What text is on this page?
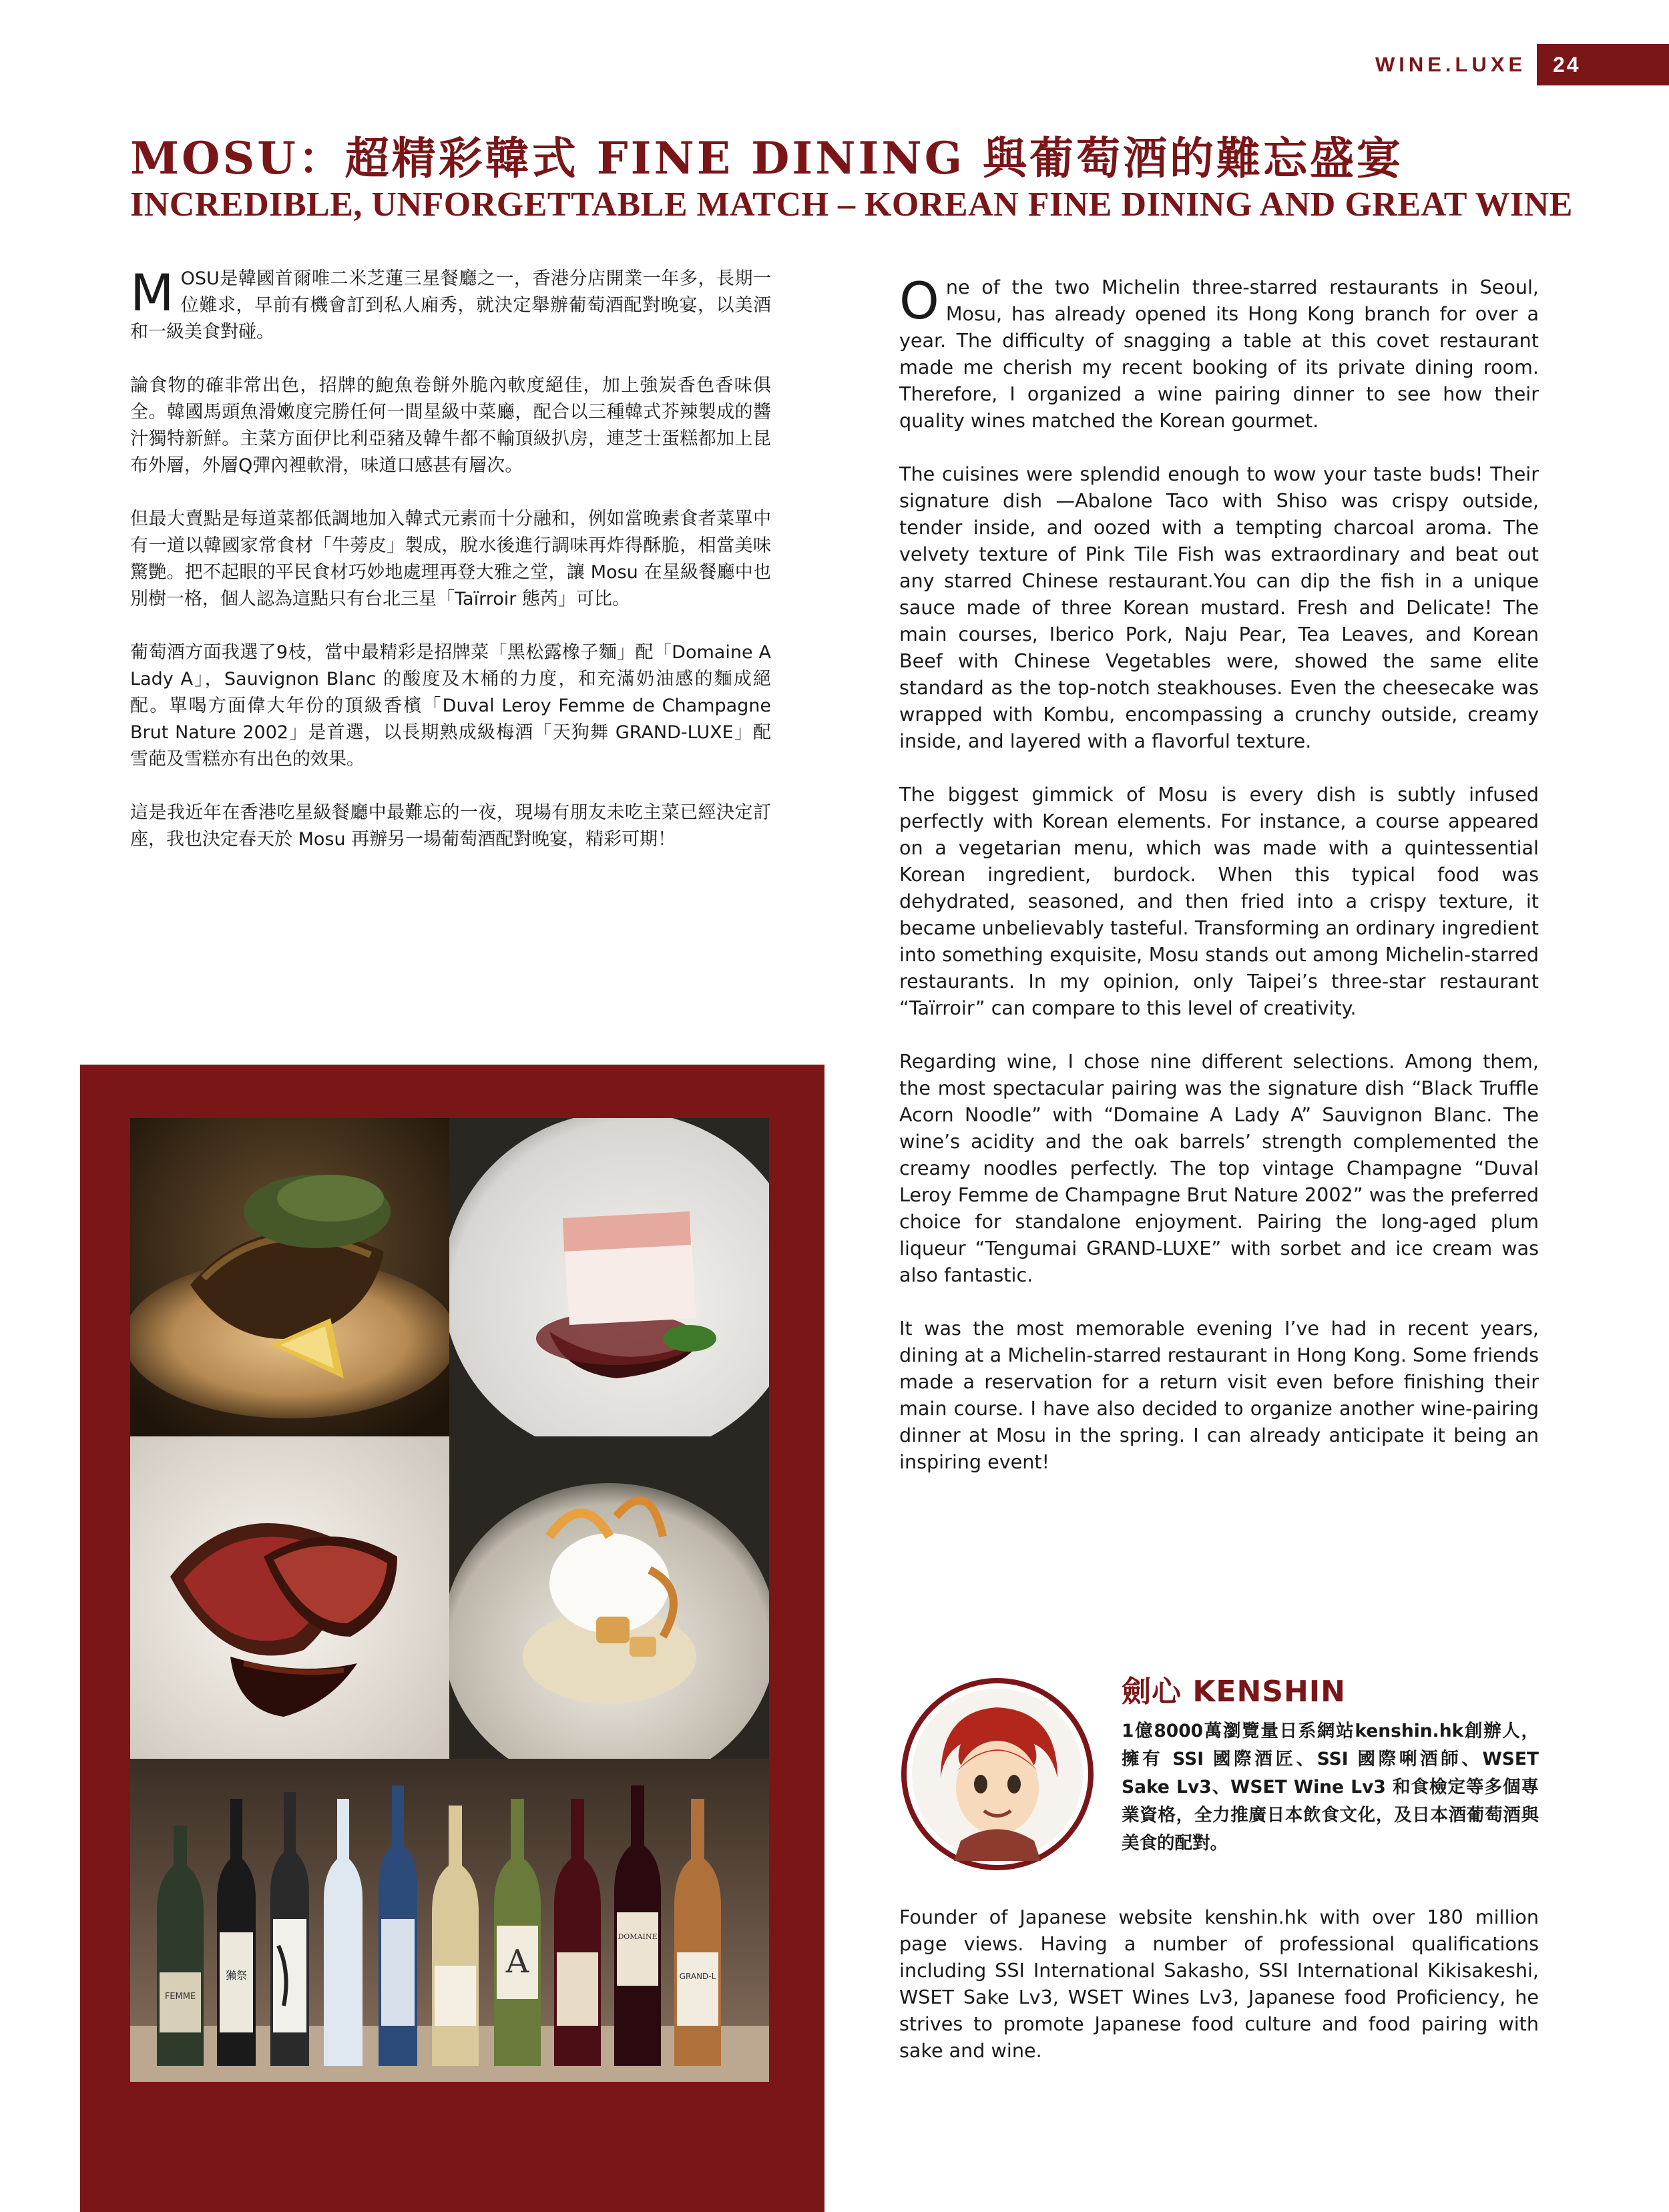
WINE.LUXE	24
MOSU：超精彩韓式 FINE DINING 與葡萄酒的難忘盛宴
INCREDIBLE, UNFORGETTABLE MATCH – KOREAN FINE DINING AND GREAT WINE

MOSU是韓國首爾唯二米芝蓮三星餐廳之一，香港分店開業一年多，長期一位難求，早前有機會訂到私人廂秀，就決定舉辦葡萄酒配對晚宴，以美酒和一級美食對碰。

論食物的確非常出色，招牌的鮑魚卷餅外脆內軟度絕佳，加上強炭香色香味俱全。韓國馬頭魚滑嫩度完勝任何一間星級中菜廳，配合以三種韓式芥辣製成的醬汁獨特新鮮。主菜方面伊比利亞豬及韓牛都不輸頂級扒房，連芝士蛋糕都加上昆布外層，外層Q彈內裡軟滑，味道口感甚有層次。

但最大賣點是每道菜都低調地加入韓式元素而十分融和，例如當晚素食者菜單中有一道以韓國家常食材「牛蒡皮」製成，脫水後進行調味再炸得酥脆，相當美味驚艷。把不起眼的平民食材巧妙地處理再登大雅之堂，讓 Mosu 在星級餐廳中也別樹一格，個人認為這點只有台北三星「Taïrroir 態芮」可比。

葡萄酒方面我選了9枝，當中最精彩是招牌菜「黑松露橡子麵」配「Domaine A Lady A」，Sauvignon Blanc 的酸度及木桶的力度，和充滿奶油感的麵成絕配。單喝方面偉大年份的頂級香檳「Duval Leroy Femme de Champagne Brut Nature 2002」是首選，以長期熟成級梅酒「天狗舞 GRAND-LUXE」配雪葩及雪糕亦有出色的效果。

這是我近年在香港吃星級餐廳中最難忘的一夜，現場有朋友未吃主菜已經決定訂座，我也決定春天於 Mosu 再辦另一場葡萄酒配對晚宴，精彩可期！

One of the two Michelin three-starred restaurants in Seoul, Mosu, has already opened its Hong Kong branch for over a year. The difficulty of snagging a table at this covet restaurant made me cherish my recent booking of its private dining room. Therefore, I organized a wine pairing dinner to see how their quality wines matched the Korean gourmet.

The cuisines were splendid enough to wow your taste buds! Their signature dish —Abalone Taco with Shiso was crispy outside, tender inside, and oozed with a tempting charcoal aroma. The velvety texture of Pink Tile Fish was extraordinary and beat out any starred Chinese restaurant.You can dip the fish in a unique sauce made of three Korean mustard. Fresh and Delicate! The main courses, Iberico Pork, Naju Pear, Tea Leaves, and Korean Beef with Chinese Vegetables were, showed the same elite standard as the top-notch steakhouses. Even the cheesecake was wrapped with Kombu, encompassing a crunchy outside, creamy inside, and layered with a flavorful texture.

The biggest gimmick of Mosu is every dish is subtly infused perfectly with Korean elements. For instance, a course appeared on a vegetarian menu, which was made with a quintessential Korean ingredient, burdock. When this typical food was dehydrated, seasoned, and then fried into a crispy texture, it became unbelievably tasteful. Transforming an ordinary ingredient into something exquisite, Mosu stands out among Michelin-starred restaurants. In my opinion, only Taipei’s three-star restaurant “Taïrroir” can compare to this level of creativity.

Regarding wine, I chose nine different selections. Among them, the most spectacular pairing was the signature dish “Black Truffle Acorn Noodle” with “Domaine A Lady A” Sauvignon Blanc. The wine’s acidity and the oak barrels’ strength complemented the creamy noodles perfectly. The top vintage Champagne “Duval Leroy Femme de Champagne Brut Nature 2002” was the preferred choice for standalone enjoyment. Pairing the long-aged plum liqueur “Tengumai GRAND-LUXE” with sorbet and ice cream was also fantastic.

It was the most memorable evening I’ve had in recent years, dining at a Michelin-starred restaurant in Hong Kong. Some friends made a reservation for a return visit even before finishing their main course. I have also decided to organize another wine-pairing dinner at Mosu in the spring. I can already anticipate it being an inspiring event!

FEMME
獺祭	A
DOMAINE
GRAND-L
劍心 KENSHIN
1億8000萬瀏覽量日系網站kenshin.hk創辦人，擁有 SSI 國際酒匠、SSI 國際唎酒師、WSET Sake Lv3、WSET Wine Lv3 和食檢定等多個專業資格，全力推廣日本飲食文化，及日本酒葡萄酒與美食的配對。
Founder of Japanese website kenshin.hk with over 180 million page views. Having a number of professional qualifications including SSI International Sakasho, SSI International Kikisakeshi, WSET Sake Lv3, WSET Wines Lv3, Japanese food Proficiency, he strives to promote Japanese food culture and food pairing with sake and wine.
